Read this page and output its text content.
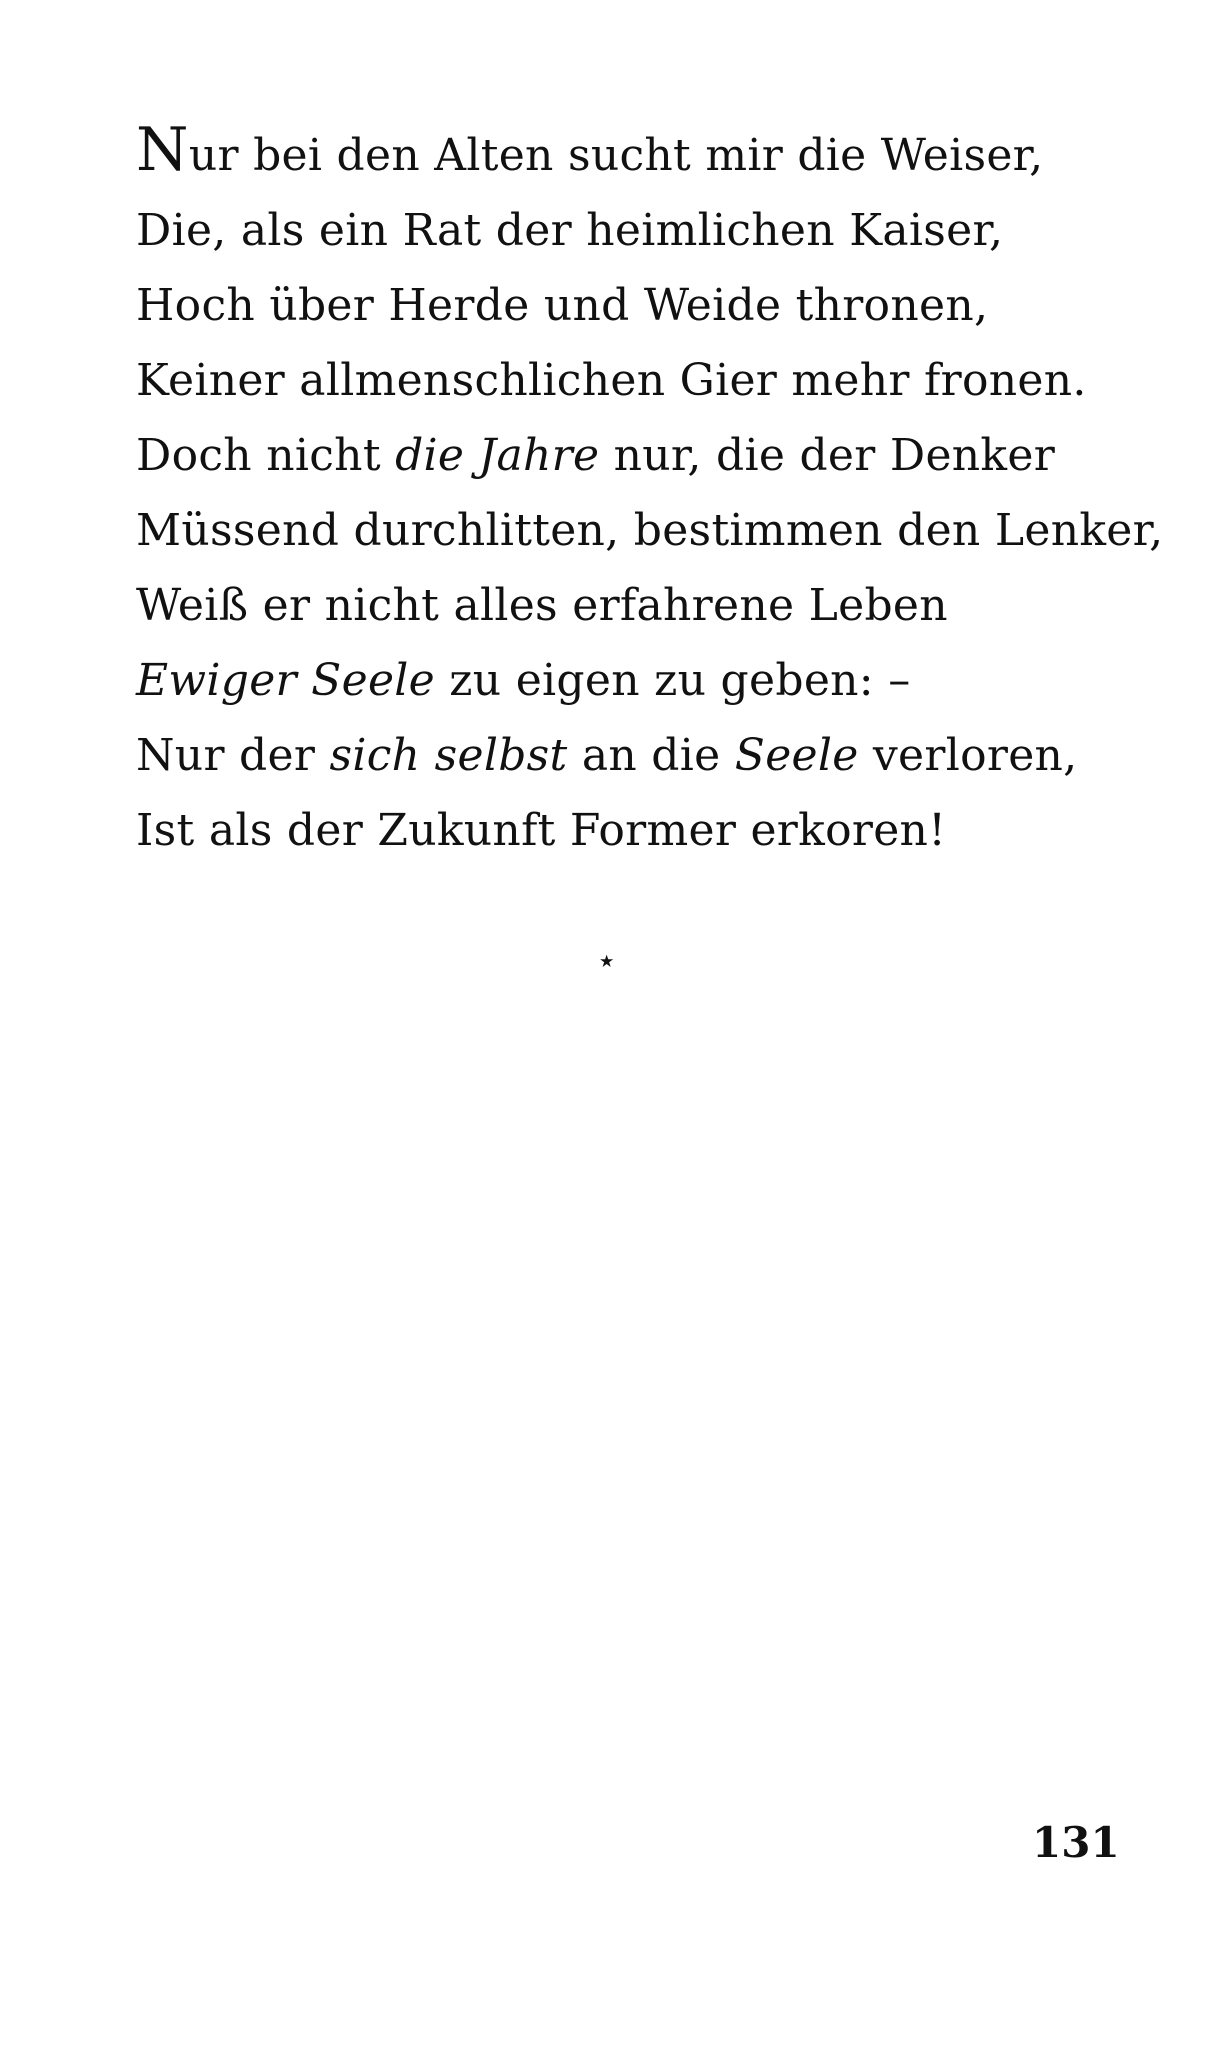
Nur bei den Alten sucht mir die Weiser,
Die, als ein Rat der heimlichen Kaiser,
Hoch über Herde und Weide thronen,
Keiner allmenschlichen Gier mehr fronen.
Doch nicht die Jahre nur, die der Denker
Müssend durchlitten, bestimmen den Lenker,
Weiß er nicht alles erfahrene Leben
Ewiger Seele zu eigen zu geben: –
Nur der sich selbst an die Seele verloren,
Ist als der Zukunft Former erkoren!
⋆
131
